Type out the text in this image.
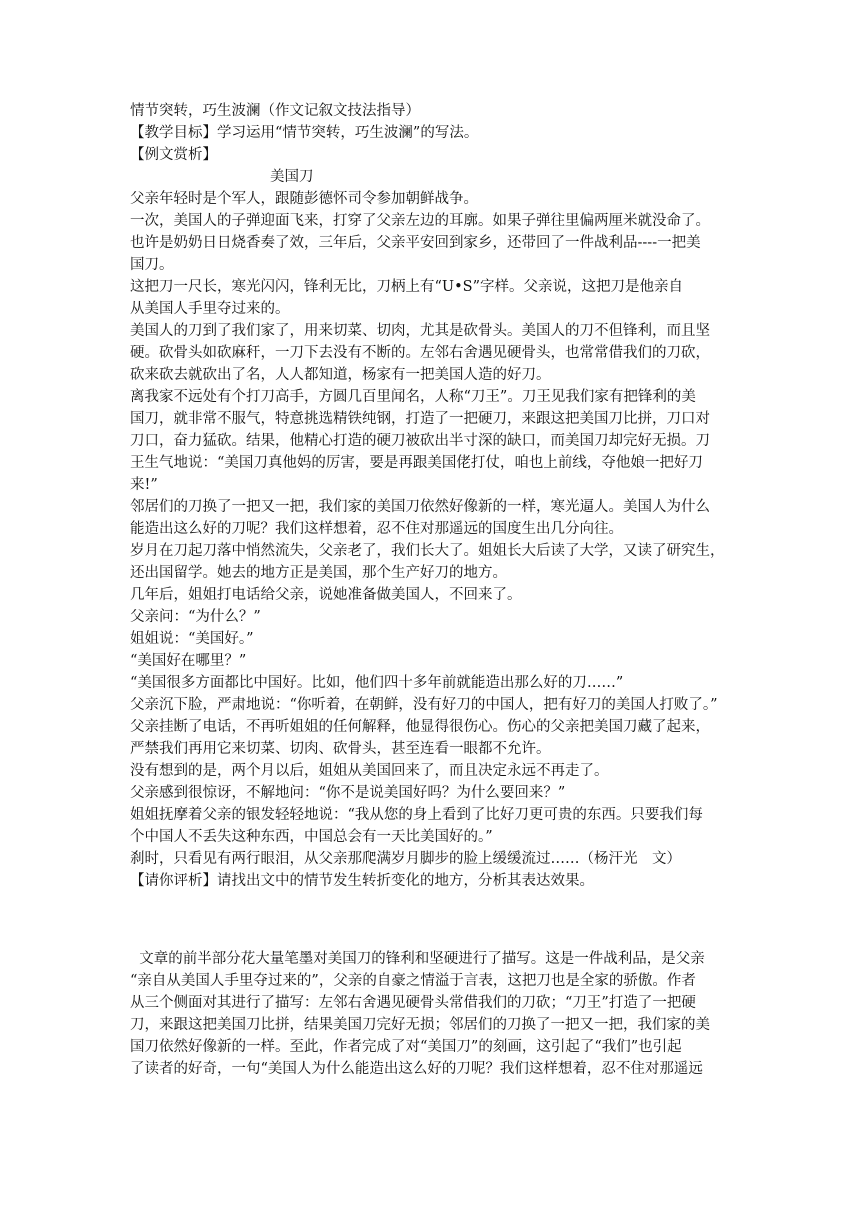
情节突转，巧生波澜（作文记叙文技法指导）

【教学目标】学习运用“情节突转，巧生波澜”的写法。

【例文赏析】

美国刀

父亲年轻时是个军人，跟随彭德怀司令参加朝鲜战争。

一次，美国人的子弹迎面飞来，打穿了父亲左边的耳廓。如果子弹往里偏两厘米就没命了。

也许是奶奶日日烧香奏了效，三年后，父亲平安回到家乡，还带回了一件战利品----一把美

国刀。

这把刀一尺长，寒光闪闪，锋利无比，刀柄上有“U•S”字样。父亲说，这把刀是他亲自

从美国人手里夺过来的。

美国人的刀到了我们家了，用来切菜、切肉，尤其是砍骨头。美国人的刀不但锋利，而且坚

硬。砍骨头如砍麻秆，一刀下去没有不断的。左邻右舍遇见硬骨头，也常常借我们的刀砍，

砍来砍去就砍出了名，人人都知道，杨家有一把美国人造的好刀。

离我家不远处有个打刀高手，方圆几百里闻名，人称“刀王”。刀王见我们家有把锋利的美

国刀，就非常不服气，特意挑选精铁纯钢，打造了一把硬刀，来跟这把美国刀比拼，刀口对

刀口，奋力猛砍。结果，他精心打造的硬刀被砍出半寸深的缺口，而美国刀却完好无损。刀

王生气地说：“美国刀真他妈的厉害，要是再跟美国佬打仗，咱也上前线，夺他娘一把好刀

来!”

邻居们的刀换了一把又一把，我们家的美国刀依然好像新的一样，寒光逼人。美国人为什么

能造出这么好的刀呢？我们这样想着，忍不住对那遥远的国度生出几分向往。

岁月在刀起刀落中悄然流失，父亲老了，我们长大了。姐姐长大后读了大学，又读了研究生，

还出国留学。她去的地方正是美国，那个生产好刀的地方。

几年后，姐姐打电话给父亲，说她准备做美国人，不回来了。

父亲问：“为什么？”

姐姐说：“美国好。”

“美国好在哪里？”

“美国很多方面都比中国好。比如，他们四十多年前就能造出那么好的刀……”

父亲沉下脸，严肃地说：“你听着，在朝鲜，没有好刀的中国人，把有好刀的美国人打败了。”

父亲挂断了电话，不再听姐姐的任何解释，他显得很伤心。伤心的父亲把美国刀藏了起来，

严禁我们再用它来切菜、切肉、砍骨头，甚至连看一眼都不允许。

没有想到的是，两个月以后，姐姐从美国回来了，而且决定永远不再走了。

父亲感到很惊讶，不解地问：“你不是说美国好吗？为什么要回来？”

姐姐抚摩着父亲的银发轻轻地说：“我从您的身上看到了比好刀更可贵的东西。只要我们每

个中国人不丢失这种东西，中国总会有一天比美国好的。”

刹时，只看见有两行眼泪，从父亲那爬满岁月脚步的脸上缓缓流过……（杨汗光　文）

【请你评析】请找出文中的情节发生转折变化的地方，分析其表达效果。

文章的前半部分花大量笔墨对美国刀的锋利和坚硬进行了描写。这是一件战利品，是父亲

“亲自从美国人手里夺过来的”，父亲的自豪之情溢于言表，这把刀也是全家的骄傲。作者

从三个侧面对其进行了描写：左邻右舍遇见硬骨头常借我们的刀砍；“刀王”打造了一把硬

刀，来跟这把美国刀比拼，结果美国刀完好无损；邻居们的刀换了一把又一把，我们家的美

国刀依然好像新的一样。至此，作者完成了对“美国刀”的刻画，这引起了“我们”也引起

了读者的好奇，一句“美国人为什么能造出这么好的刀呢？我们这样想着，忍不住对那遥远
